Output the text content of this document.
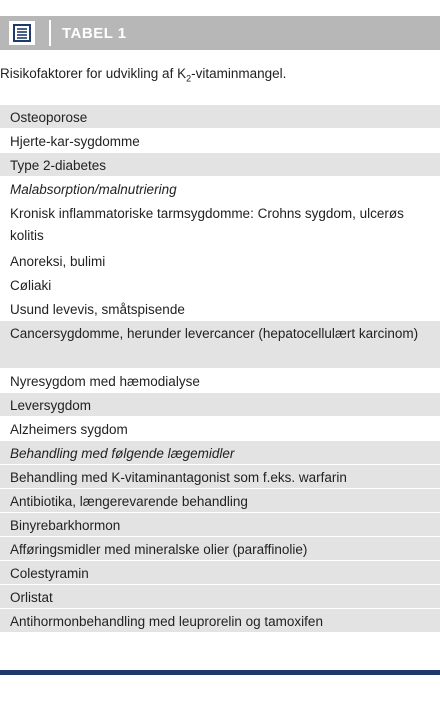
TABEL 1
Risikofaktorer for udvikling af $K_2$-vitaminmangel.
Osteoporose
Hjerte-kar-sygdomme
Type 2-diabetes
Malabsorption/malnutriering
Kronisk inflammatoriske tarmsygdomme: Crohns sygdom, ulcerøs kolitis
Anoreksi, bulimi
Cøliaki
Usund levevis, småtspisende
Cancersygdomme, herunder levercancer (hepatocellulært karcinom)
Nyresygdom med hæmodialyse
Leversygdom
Alzheimers sygdom
Behandling med følgende lægemidler
Behandling med K-vitaminantagonist som f.eks. warfarin
Antibiotika, længerevarende behandling
Binyrebarkhormon
Afføringsmidler med mineralske olier (paraffinolie)
Colestyramin
Orlistat
Antihormonbehandling med leuprorelin og tamoxifen
